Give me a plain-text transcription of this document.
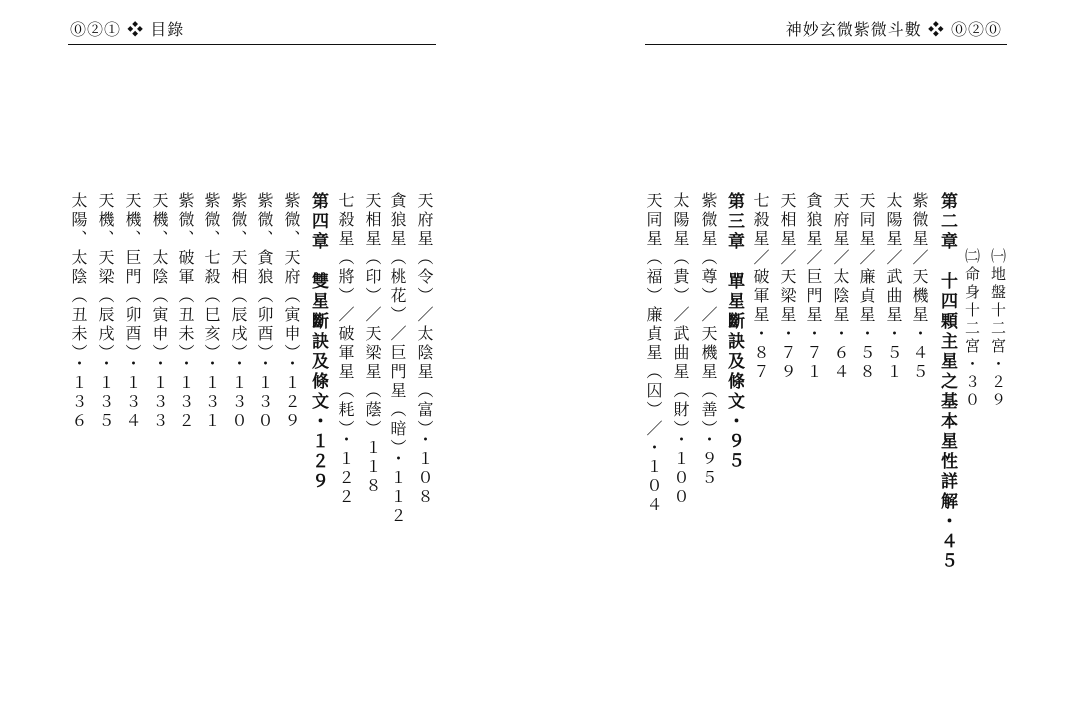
⓪②① ❖ 目錄
天府星（令）／太陰星（富）・１０８
貪狼星（桃花）／巨門星（暗）・１１２
天相星（印）／天梁星（蔭）１１８
七殺星（將）／破軍星（耗）・１２２
第四章　雙星斷訣及條文・１２９
紫微、天府（寅申）・１２９
紫微、貪狼（卯酉）・１３０
紫微、天相（辰戌）・１３０
紫微、七殺（巳亥）・１３１
紫微、破軍（丑未）・１３２
天機、太陰（寅申）・１３３
天機、巨門（卯酉）・１３４
天機、天梁（辰戌）・１３５
太陽、太陰（丑未）・１３６
神妙玄微紫微斗數 ❖ ⓪②⓪
㈠地盤十二宮・２９
㈡命身十二宮・３０
第二章　十四顆主星之基本星性詳解・４５
紫微星／天機星・４５
太陽星／武曲星・５１
天同星／廉貞星・５８
天府星／太陰星・６４
貪狼星／巨門星・７１
天相星／天梁星・７９
七殺星／破軍星・８７
第三章　單星斷訣及條文・９５
紫微星（尊）／天機星（善）・９５
太陽星（貴）／武曲星（財）・１００
天同星（福）廉貞星（囚）／・１０４
